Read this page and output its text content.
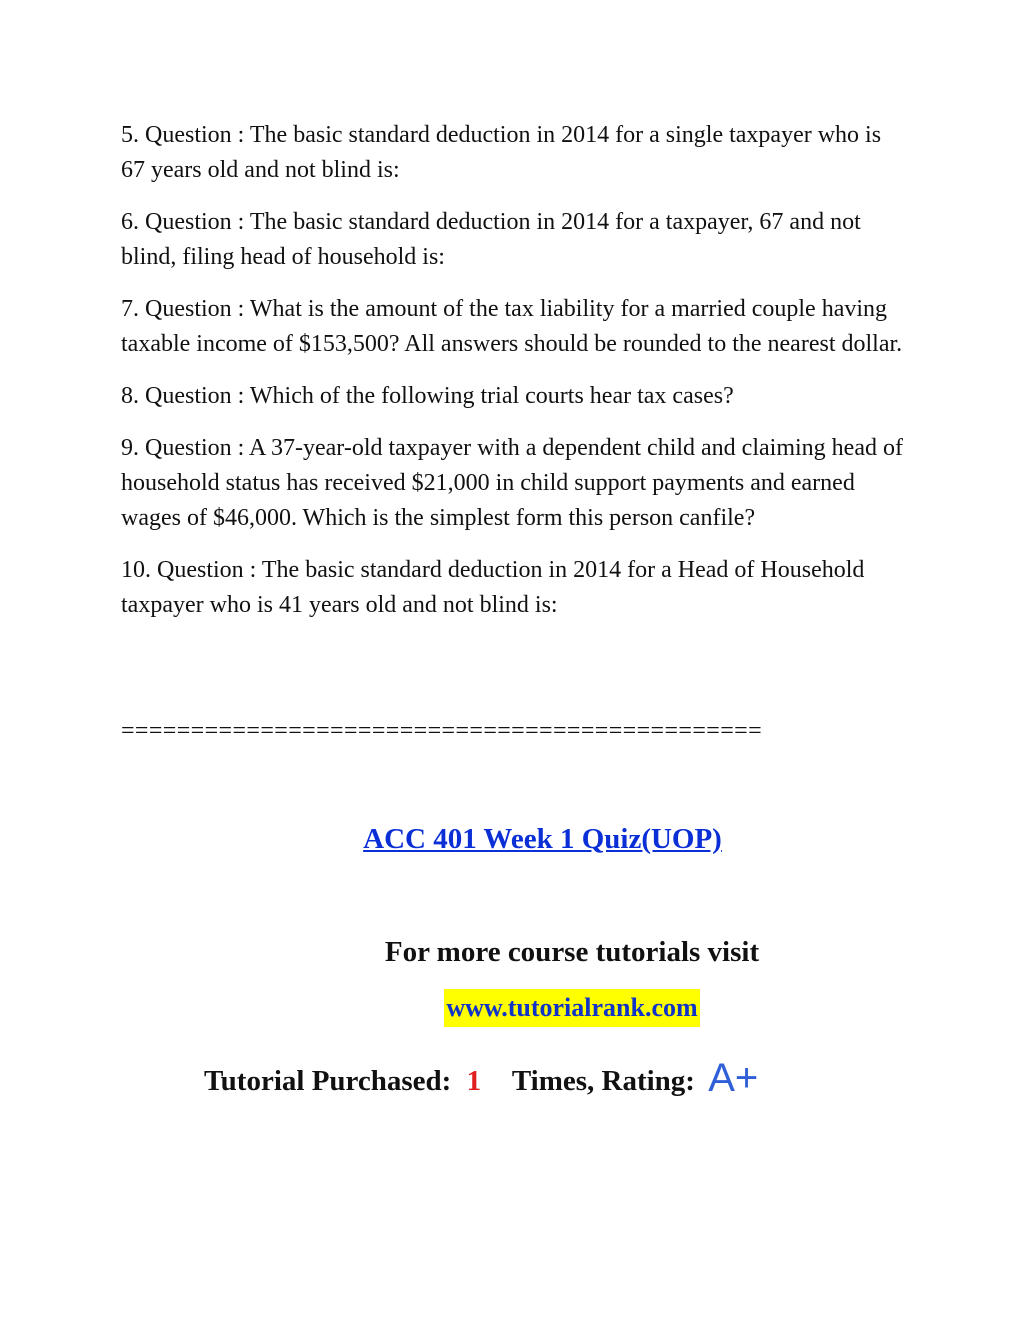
5. Question : The basic standard deduction in 2014 for a single taxpayer who is 67 years old and not blind is:

6. Question : The basic standard deduction in 2014 for a taxpayer, 67 and not blind, filing head of household is:

7. Question : What is the amount of the tax liability for a married couple having taxable income of $153,500? All answers should be rounded to the nearest dollar.

8. Question : Which of the following trial courts hear tax cases?

9. Question : A 37-year-old taxpayer with a dependent child and claiming head of household status has received $21,000 in child support payments and earned wages of $46,000. Which is the simplest form this person canfile?

10. Question : The basic standard deduction in 2014 for a Head of Household taxpayer who is 41 years old and not blind is:

==============================================
ACC 401 Week 1 Quiz(UOP)
For more course tutorials visit
www.tutorialrank.com
Tutorial Purchased: 1 Times, Rating: A+
